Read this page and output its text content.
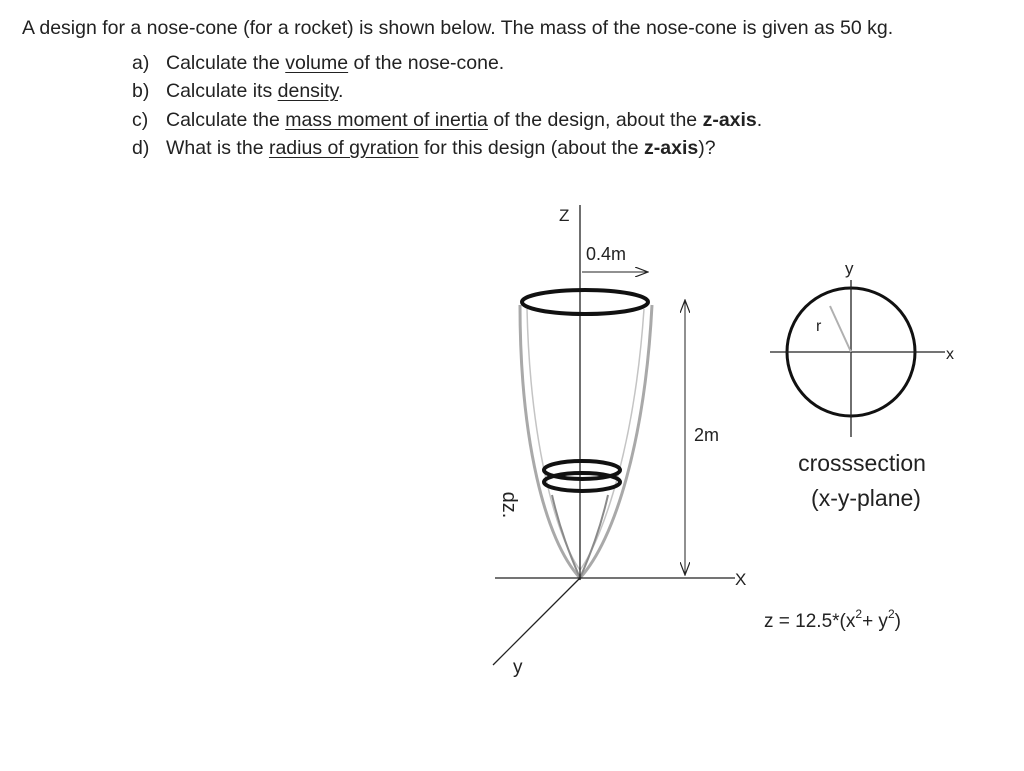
A design for a nose-cone (for a rocket) is shown below. The mass of the nose-cone is given as 50 kg.
a) Calculate the volume of the nose-cone.
b) Calculate its density.
c) Calculate the mass moment of inertia of the design, about the z-axis.
d) What is the radius of gyration for this design (about the z-axis)?
Z
X
y
0.4m
2m
dz.
y
x
r
crosssection
(x-y-plane)
$z = 12.5*(x^2+ y^2)$
